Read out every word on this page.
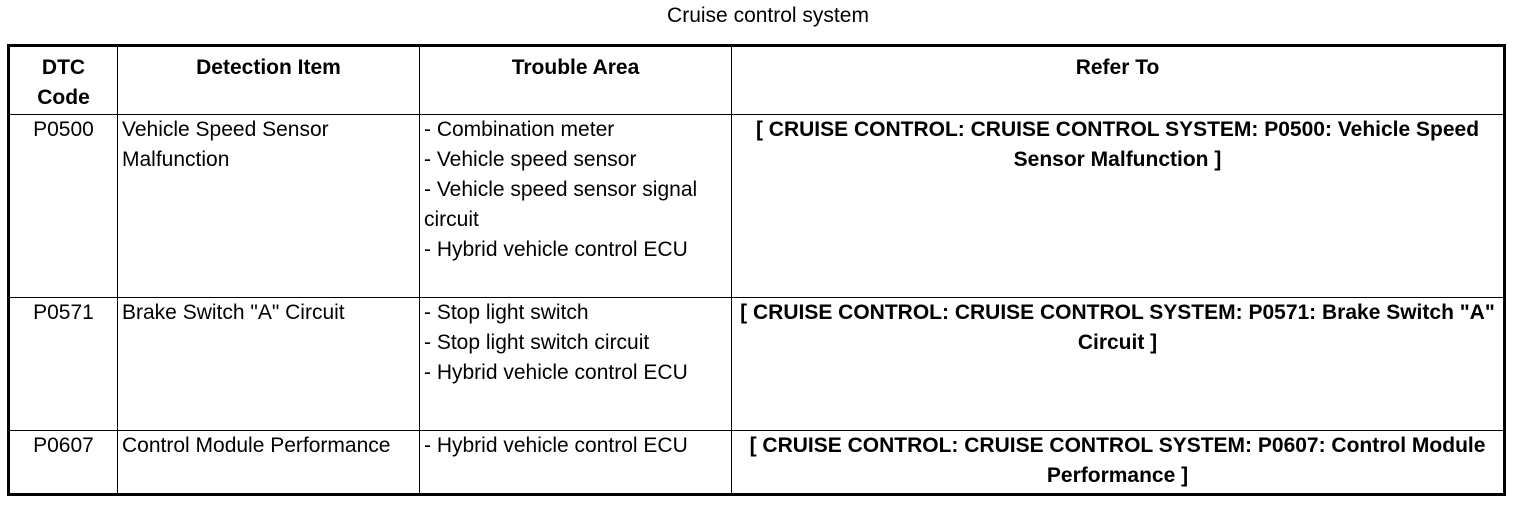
Cruise control system
DTC
Code	Detection Item	Trouble Area	Refer To
P0500	Vehicle Speed Sensor Malfunction	- Combination meter
- Vehicle speed sensor
- Vehicle speed sensor signal circuit
- Hybrid vehicle control ECU	[ CRUISE CONTROL: CRUISE CONTROL SYSTEM: P0500: Vehicle Speed Sensor Malfunction ]
P0571	Brake Switch "A" Circuit	- Stop light switch
- Stop light switch circuit
- Hybrid vehicle control ECU	[ CRUISE CONTROL: CRUISE CONTROL SYSTEM: P0571: Brake Switch "A" Circuit ]
P0607	Control Module Performance	- Hybrid vehicle control ECU	[ CRUISE CONTROL: CRUISE CONTROL SYSTEM: P0607: Control Module Performance ]
